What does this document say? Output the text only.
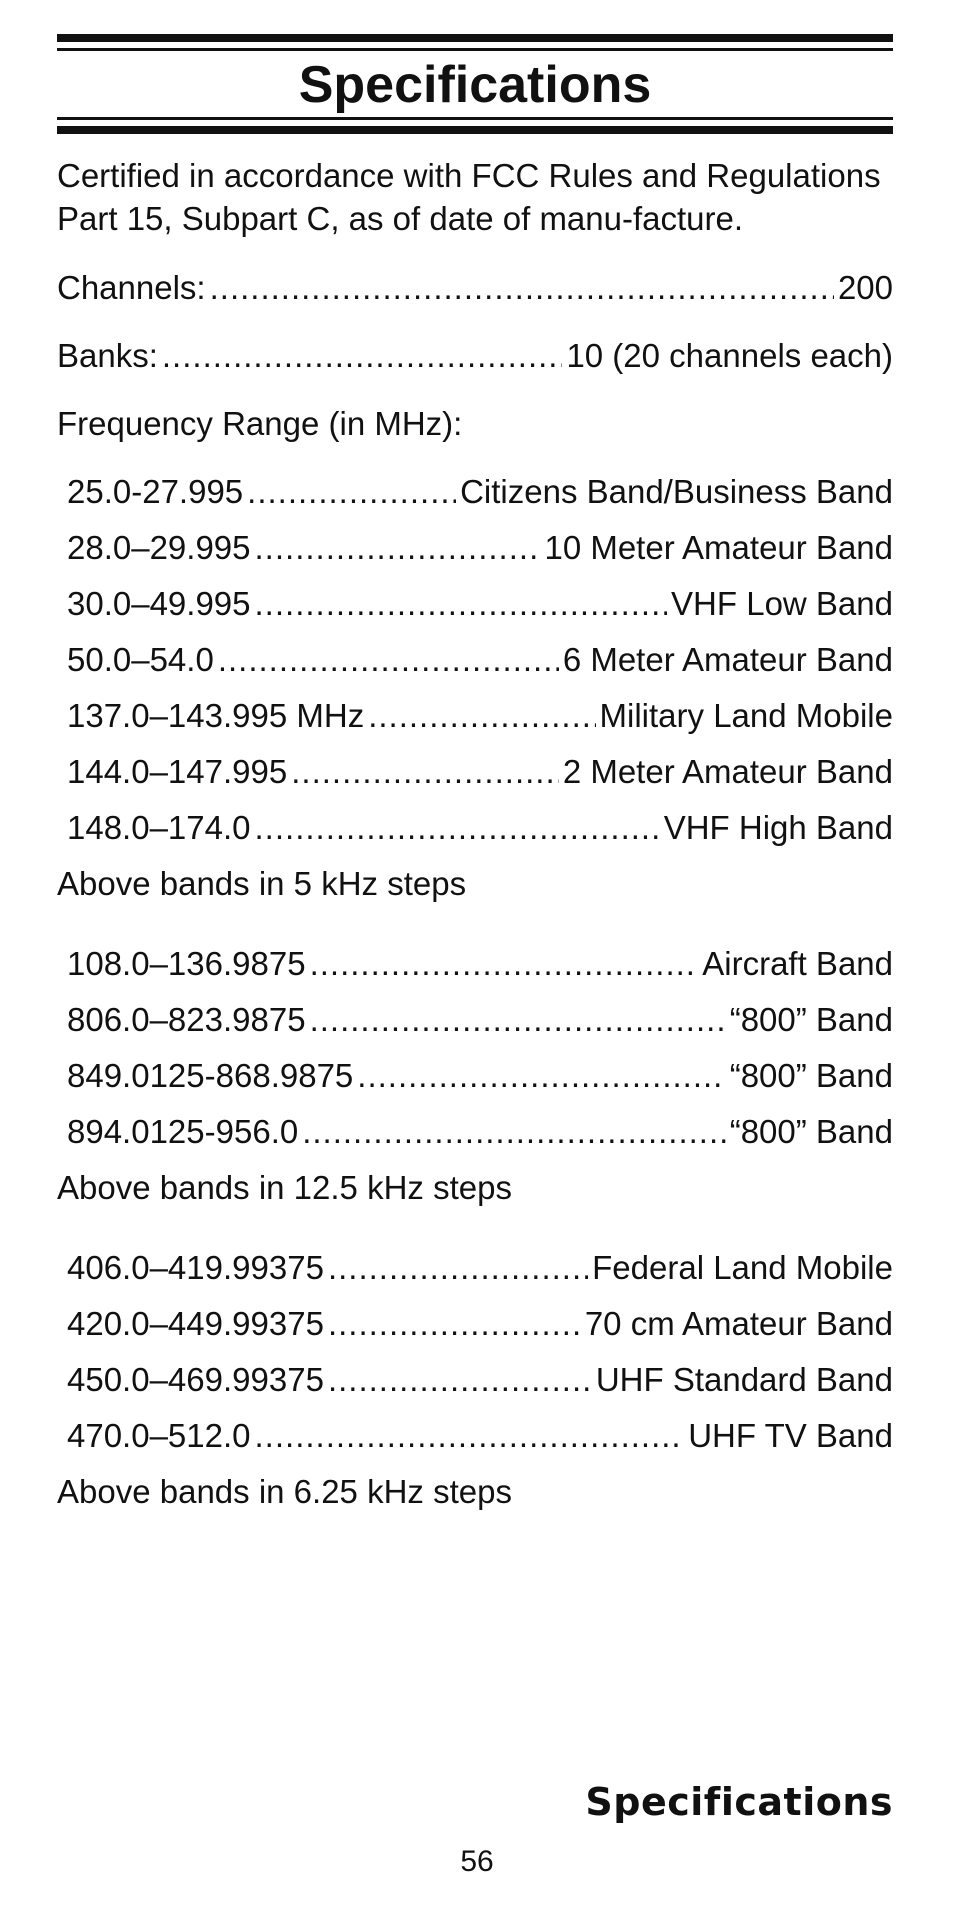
Specifications

Certified in accordance with FCC Rules and Regulations Part 15, Subpart C, as of date of manu-facture.

Channels: .....	200
Banks: .....	10 (20 channels each)
Frequency Range (in MHz):
25.0-27.995 .....	Citizens Band/Business Band
28.0–29.995 .....	10 Meter Amateur Band
30.0–49.995 .....	VHF Low Band
50.0–54.0 .....	6 Meter Amateur Band
137.0–143.995 MHz .....	Military Land Mobile
144.0–147.995 .....	2 Meter Amateur Band
148.0–174.0 .....	VHF High Band
Above bands in 5 kHz steps
108.0–136.9875 .....	Aircraft Band
806.0–823.9875 .....	“800” Band
849.0125-868.9875 .....	“800” Band
894.0125-956.0 .....	“800” Band
Above bands in 12.5 kHz steps
406.0–419.99375 .....	Federal Land Mobile
420.0–449.99375 .....	70 cm Amateur Band
450.0–469.99375 .....	UHF Standard Band
470.0–512.0 .....	UHF TV Band
Above bands in 6.25 kHz steps
Specifications
56
